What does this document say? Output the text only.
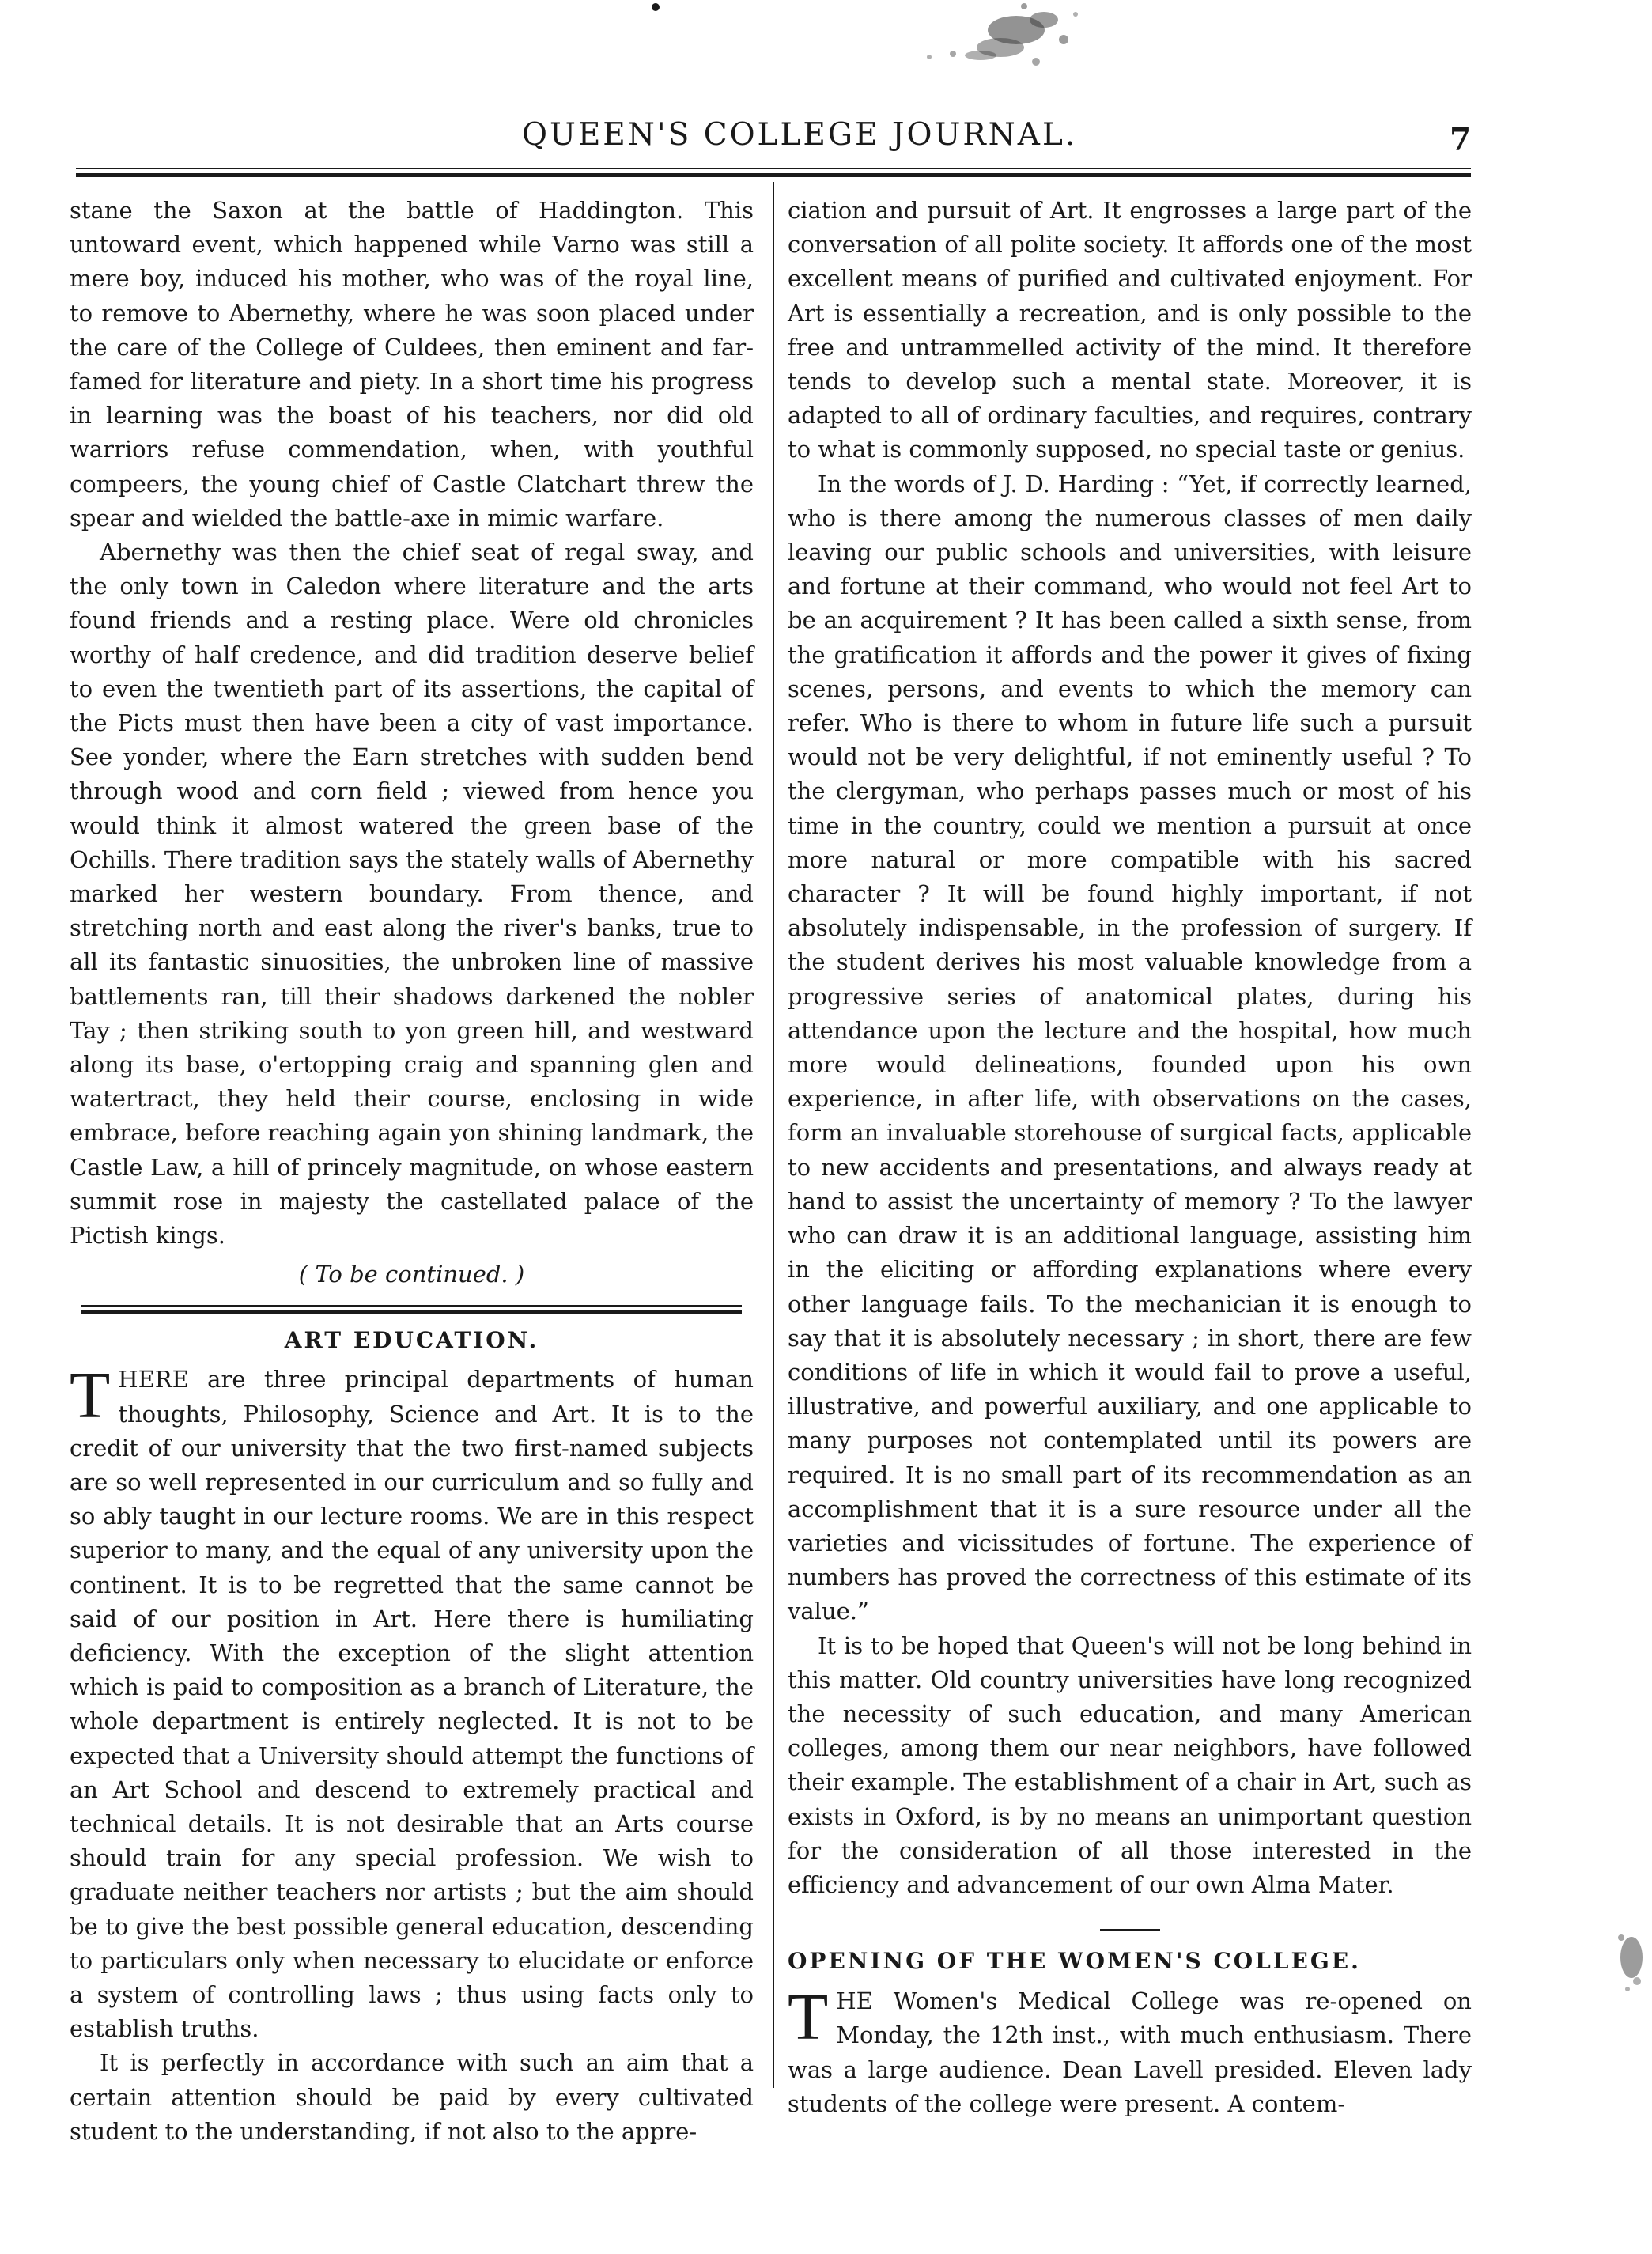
QUEEN'S COLLEGE JOURNAL.	7

stane the Saxon at the battle of Haddington. This untoward event, which happened while Varno was still a mere boy, induced his mother, who was of the royal line, to remove to Abernethy, where he was soon placed under the care of the College of Culdees, then eminent and far-famed for literature and piety. In a short time his progress in learning was the boast of his teachers, nor did old warriors refuse commendation, when, with youthful compeers, the young chief of Castle Clatchart threw the spear and wielded the battle-axe in mimic warfare.

Abernethy was then the chief seat of regal sway, and the only town in Caledon where literature and the arts found friends and a resting place. Were old chronicles worthy of half credence, and did tradition deserve belief to even the twentieth part of its assertions, the capital of the Picts must then have been a city of vast importance. See yonder, where the Earn stretches with sudden bend through wood and corn field ; viewed from hence you would think it almost watered the green base of the Ochills. There tradition says the stately walls of Abernethy marked her western boundary. From thence, and stretching north and east along the river's banks, true to all its fantastic sinuosities, the unbroken line of massive battlements ran, till their shadows darkened the nobler Tay ; then striking south to yon green hill, and westward along its base, o'ertopping craig and spanning glen and watertract, they held their course, enclosing in wide embrace, before reaching again yon shining landmark, the Castle Law, a hill of princely magnitude, on whose eastern summit rose in majesty the castellated palace of the Pictish kings.

( To be continued. )

ART EDUCATION.

THERE are three principal departments of human thoughts, Philosophy, Science and Art. It is to the credit of our university that the two first-named subjects are so well represented in our curriculum and so fully and so ably taught in our lecture rooms. We are in this respect superior to many, and the equal of any university upon the continent. It is to be regretted that the same cannot be said of our position in Art. Here there is humiliating deficiency. With the exception of the slight attention which is paid to composition as a branch of Literature, the whole department is entirely neglected. It is not to be expected that a University should attempt the functions of an Art School and descend to extremely practical and technical details. It is not desirable that an Arts course should train for any special profession. We wish to graduate neither teachers nor artists ; but the aim should be to give the best possible general education, descending to particulars only when necessary to elucidate or enforce a system of controlling laws ; thus using facts only to establish truths.

It is perfectly in accordance with such an aim that a certain attention should be paid by every cultivated student to the understanding, if not also to the appre-

ciation and pursuit of Art. It engrosses a large part of the conversation of all polite society. It affords one of the most excellent means of purified and cultivated enjoyment. For Art is essentially a recreation, and is only possible to the free and untrammelled activity of the mind. It therefore tends to develop such a mental state. Moreover, it is adapted to all of ordinary faculties, and requires, contrary to what is commonly supposed, no special taste or genius.

In the words of J. D. Harding : “Yet, if correctly learned, who is there among the numerous classes of men daily leaving our public schools and universities, with leisure and fortune at their command, who would not feel Art to be an acquirement ? It has been called a sixth sense, from the gratification it affords and the power it gives of fixing scenes, persons, and events to which the memory can refer. Who is there to whom in future life such a pursuit would not be very delightful, if not eminently useful ? To the clergyman, who perhaps passes much or most of his time in the country, could we mention a pursuit at once more natural or more compatible with his sacred character ? It will be found highly important, if not absolutely indispensable, in the profession of surgery. If the student derives his most valuable knowledge from a progressive series of anatomical plates, during his attendance upon the lecture and the hospital, how much more would delineations, founded upon his own experience, in after life, with observations on the cases, form an invaluable storehouse of surgical facts, applicable to new accidents and presentations, and always ready at hand to assist the uncertainty of memory ? To the lawyer who can draw it is an additional language, assisting him in the eliciting or affording explanations where every other language fails. To the mechanician it is enough to say that it is absolutely necessary ; in short, there are few conditions of life in which it would fail to prove a useful, illustrative, and powerful auxiliary, and one applicable to many purposes not contemplated until its powers are required. It is no small part of its recommendation as an accomplishment that it is a sure resource under all the varieties and vicissitudes of fortune. The experience of numbers has proved the correctness of this estimate of its value.”

It is to be hoped that Queen's will not be long behind in this matter. Old country universities have long recognized the necessity of such education, and many American colleges, among them our near neighbors, have followed their example. The establishment of a chair in Art, such as exists in Oxford, is by no means an unimportant question for the consideration of all those interested in the efficiency and advancement of our own Alma Mater.

OPENING OF THE WOMEN'S COLLEGE.

THE Women's Medical College was re-opened on Monday, the 12th inst., with much enthusiasm. There was a large audience. Dean Lavell presided. Eleven lady students of the college were present. A contem-
